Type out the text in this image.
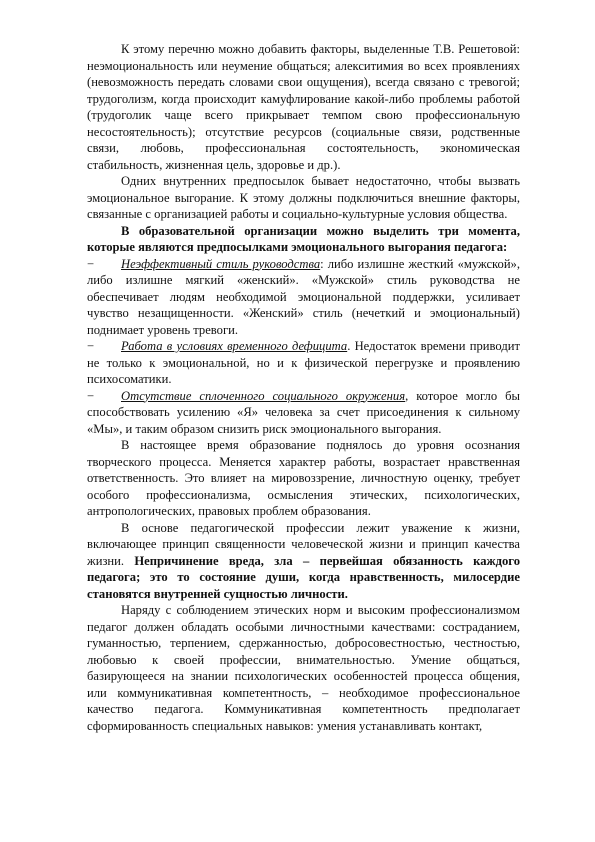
К этому перечню можно добавить факторы, выделенные Т.В. Решетовой: неэмоциональность или неумение общаться; алекситимия во всех проявлениях (невозможность передать словами свои ощущения), всегда связано с тревогой; трудоголизм, когда происходит камуфлирование какой-либо проблемы работой (трудоголик чаще всего прикрывает темпом свою профессиональную несостоятельность); отсутствие ресурсов (социальные связи, родственные связи, любовь, профессиональная состоятельность, экономическая стабильность, жизненная цель, здоровье и др.).

Одних внутренних предпосылок бывает недостаточно, чтобы вызвать эмоциональное выгорание. К этому должны подключиться внешние факторы, связанные с организацией работы и социально-культурные условия общества.

В образовательной организации можно выделить три момента, которые являются предпосылками эмоционального выгорания педагога:

− Неэффективный стиль руководства: либо излишне жесткий «мужской», либо излишне мягкий «женский». «Мужской» стиль руководства не обеспечивает людям необходимой эмоциональной поддержки, усиливает чувство незащищенности. «Женский» стиль (нечеткий и эмоциональный) поднимает уровень тревоги.

− Работа в условиях временного дефицита. Недостаток времени приводит не только к эмоциональной, но и к физической перегрузке и проявлению психосоматики.

− Отсутствие сплоченного социального окружения, которое могло бы способствовать усилению «Я» человека за счет присоединения к сильному «Мы», и таким образом снизить риск эмоционального выгорания.

В настоящее время образование поднялось до уровня осознания творческого процесса. Меняется характер работы, возрастает нравственная ответственность. Это влияет на мировоззрение, личностную оценку, требует особого профессионализма, осмысления этических, психологических, антропологических, правовых проблем образования.

В основе педагогической профессии лежит уважение к жизни, включающее принцип священности человеческой жизни и принцип качества жизни. Непричинение вреда, зла – первейшая обязанность каждого педагога; это то состояние души, когда нравственность, милосердие становятся внутренней сущностью личности.

Наряду с соблюдением этических норм и высоким профессионализмом педагог должен обладать особыми личностными качествами: состраданием, гуманностью, терпением, сдержанностью, добросовестностью, честностью, любовью к своей профессии, внимательностью. Умение общаться, базирующееся на знании психологических особенностей процесса общения, или коммуникативная компетентность, – необходимое профессиональное качество педагога. Коммуникативная компетентность предполагает сформированность специальных навыков: умения устанавливать контакт,
